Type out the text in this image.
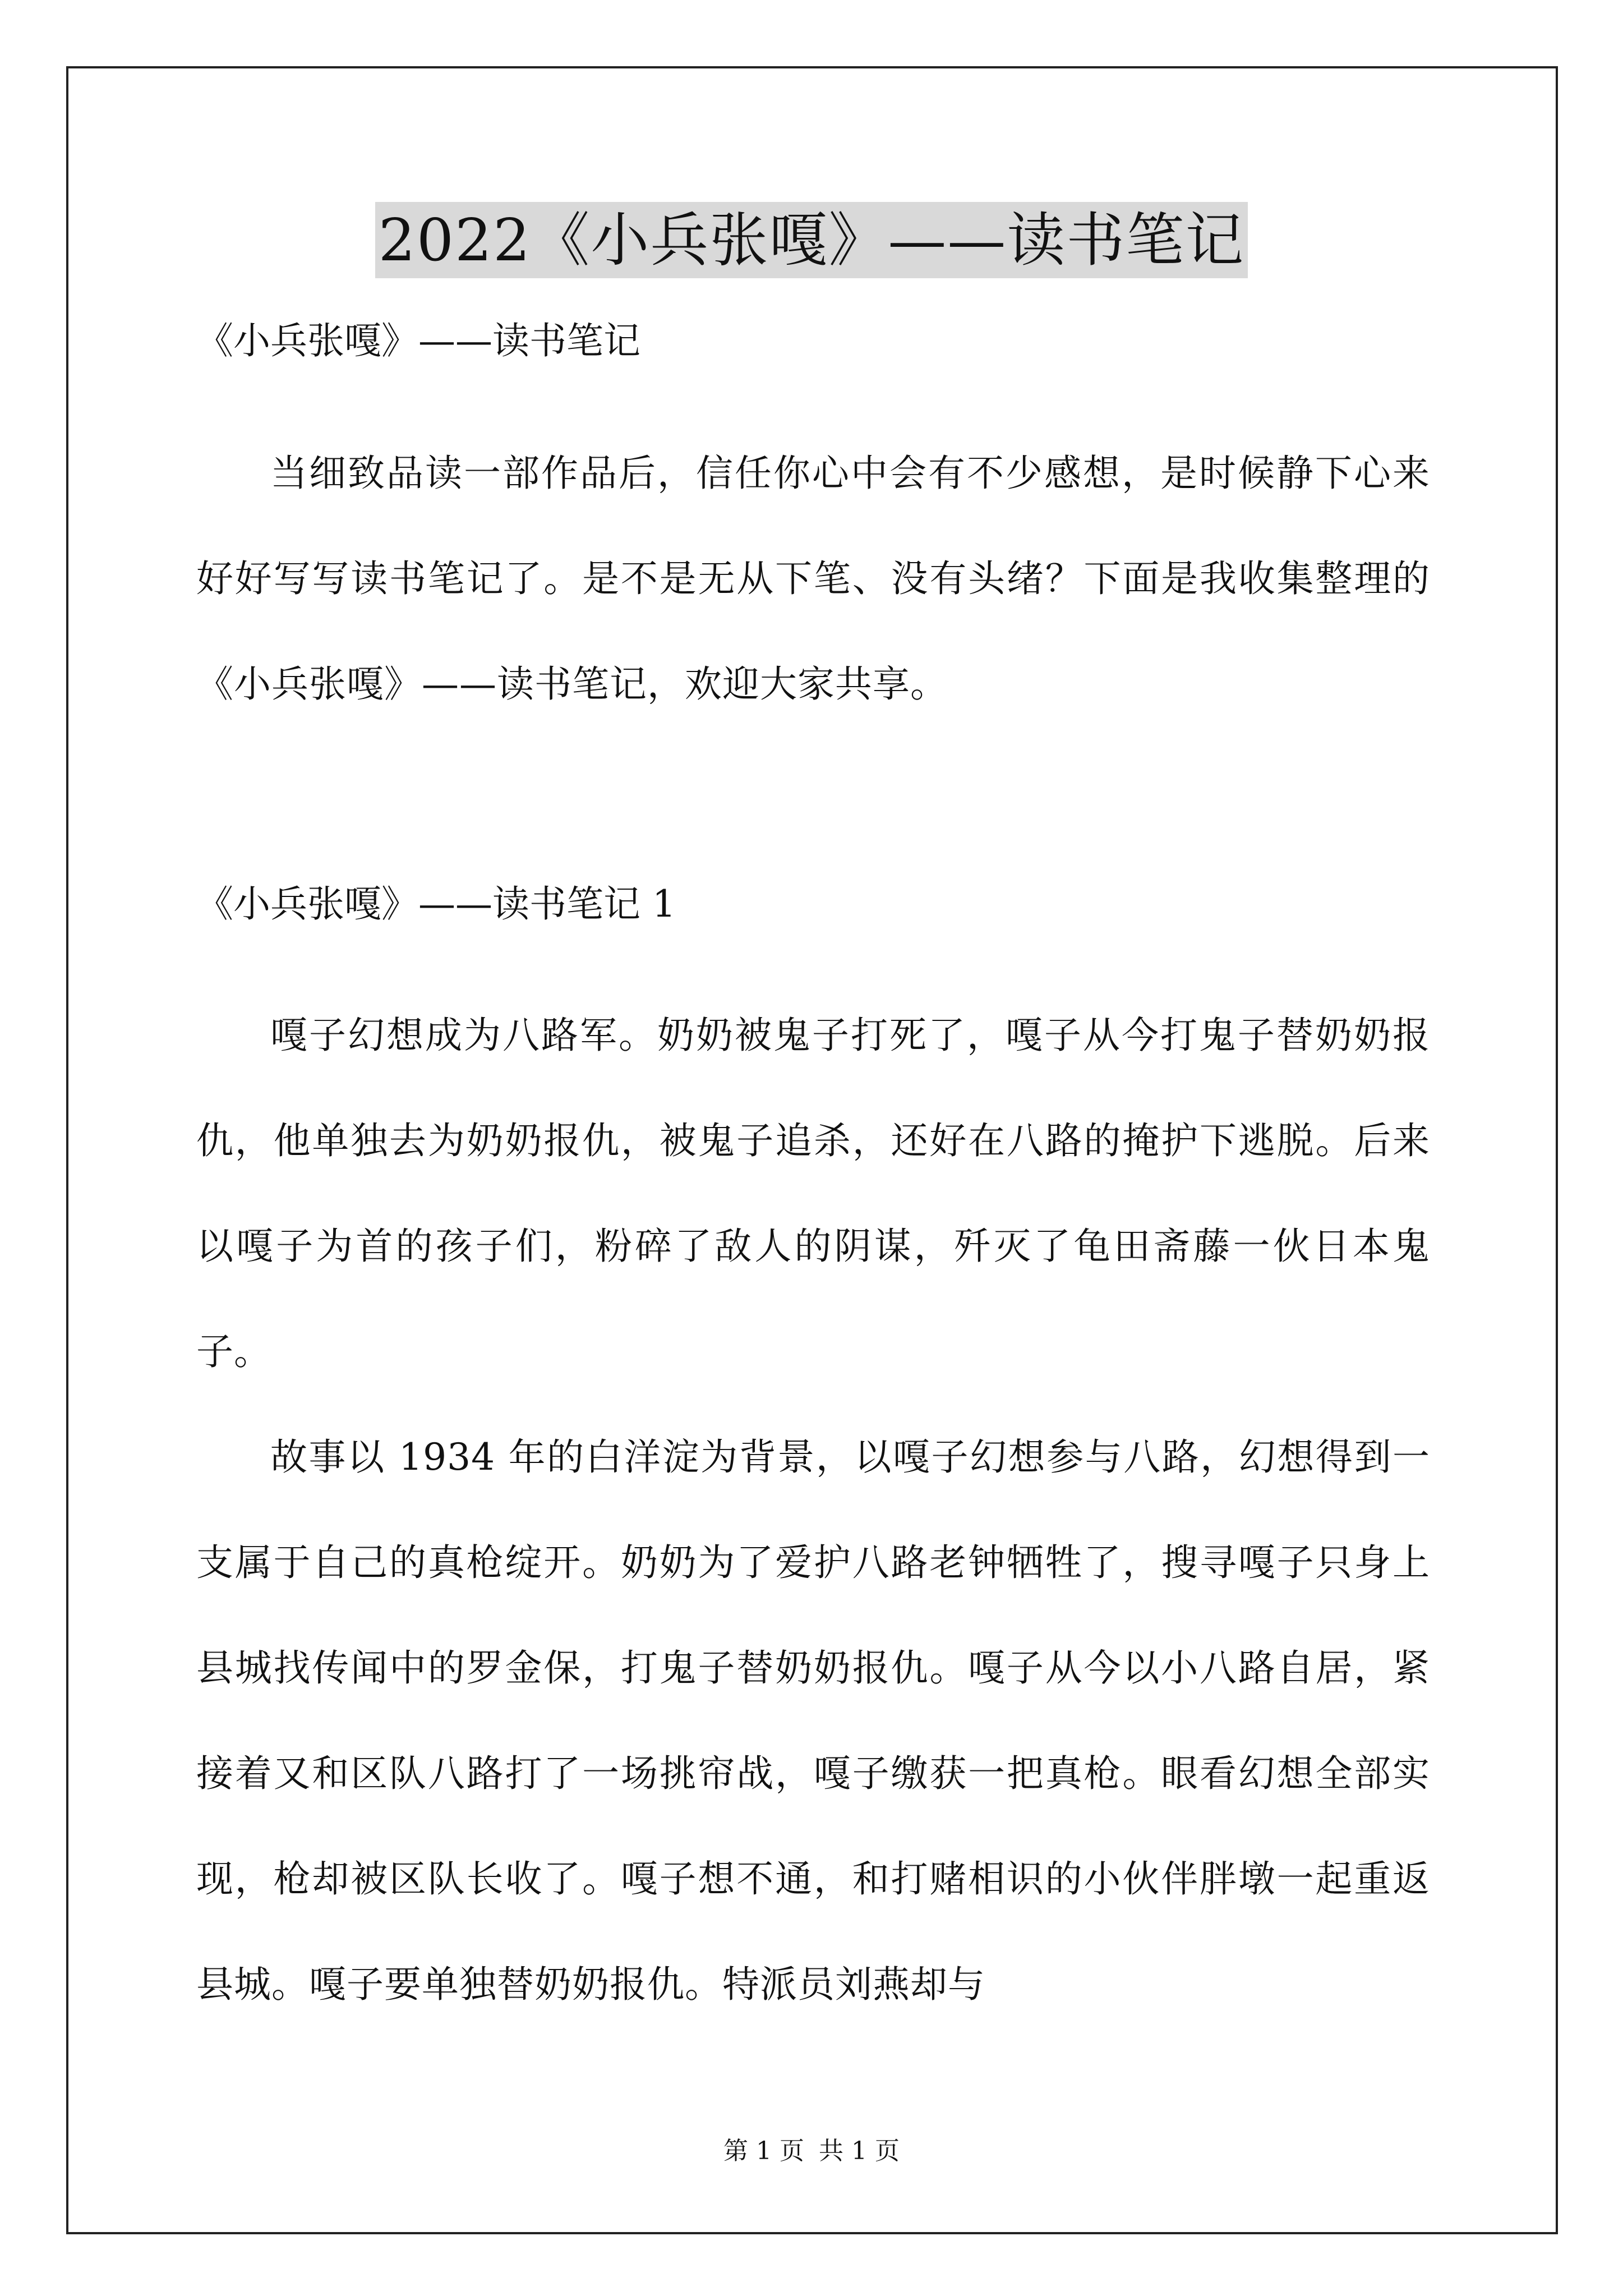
2022《小兵张嘎》——读书笔记

《小兵张嘎》——读书笔记

当细致品读一部作品后，信任你心中会有不少感想，是时候静下心来好好写写读书笔记了。是不是无从下笔、没有头绪？下面是我收集整理的《小兵张嘎》——读书笔记，欢迎大家共享。

《小兵张嘎》——读书笔记 1

嘎子幻想成为八路军。奶奶被鬼子打死了，嘎子从今打鬼子替奶奶报仇，他单独去为奶奶报仇，被鬼子追杀，还好在八路的掩护下逃脱。后来以嘎子为首的孩子们，粉碎了敌人的阴谋，歼灭了龟田斋藤一伙日本鬼子。

故事以 1934 年的白洋淀为背景，以嘎子幻想参与八路，幻想得到一支属于自己的真枪绽开。奶奶为了爱护八路老钟牺牲了，搜寻嘎子只身上县城找传闻中的罗金保，打鬼子替奶奶报仇。嘎子从今以小八路自居，紧接着又和区队八路打了一场挑帘战，嘎子缴获一把真枪。眼看幻想全部实现，枪却被区队长收了。嘎子想不通，和打赌相识的小伙伴胖墩一起重返县城。嘎子要单独替奶奶报仇。特派员刘燕却与

第 1 页 共 1 页
